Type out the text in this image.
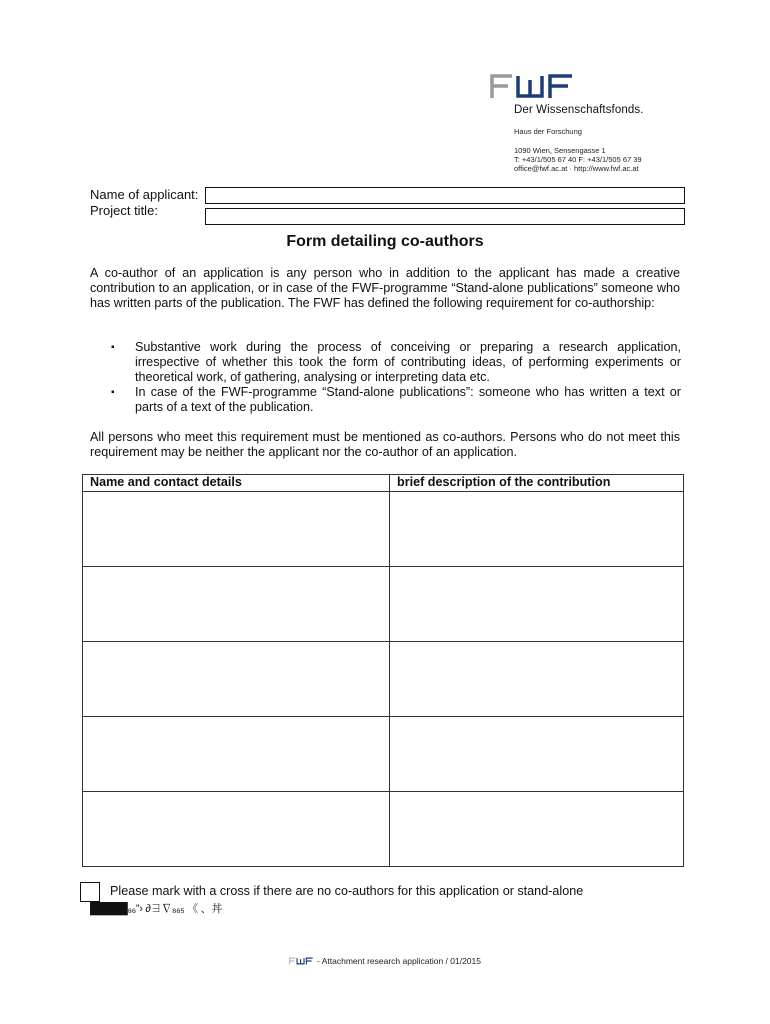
Der Wissenschaftsfonds.
Haus der Forschung
1090 Wien, Sensengasse 1
T: +43/1/505 67 40 F: +43/1/505 67 39
office@fwf.ac.at · http://www.fwf.ac.at
Name of applicant:
Project title:
Form detailing co-authors
A co-author of an application is any person who in addition to the applicant has made a creative contribution to an application, or in case of the FWF-programme “Stand-alone publications” someone who has written parts of the publication. The FWF has defined the following requirement for co-authorship:
▪ Substantive work during the process of conceiving or preparing a research application, irrespective of whether this took the form of contributing ideas, of performing experiments or theoretical work, of gathering, analysing or interpreting data etc.
▪ In case of the FWF-programme “Stand-alone publications”: someone who has written a text or parts of a text of the publication.
All persons who meet this requirement must be mentioned as co-authors. Persons who do not meet this requirement may be neither the applicant nor the co-author of an application.
Name and contact details	brief description of the contribution

Please mark with a cross if there are no co-authors for this application or stand-alone
█████₈₆”› ∂∃∇₈₆₅ 《 、丼
- Attachment research application / 01/2015
